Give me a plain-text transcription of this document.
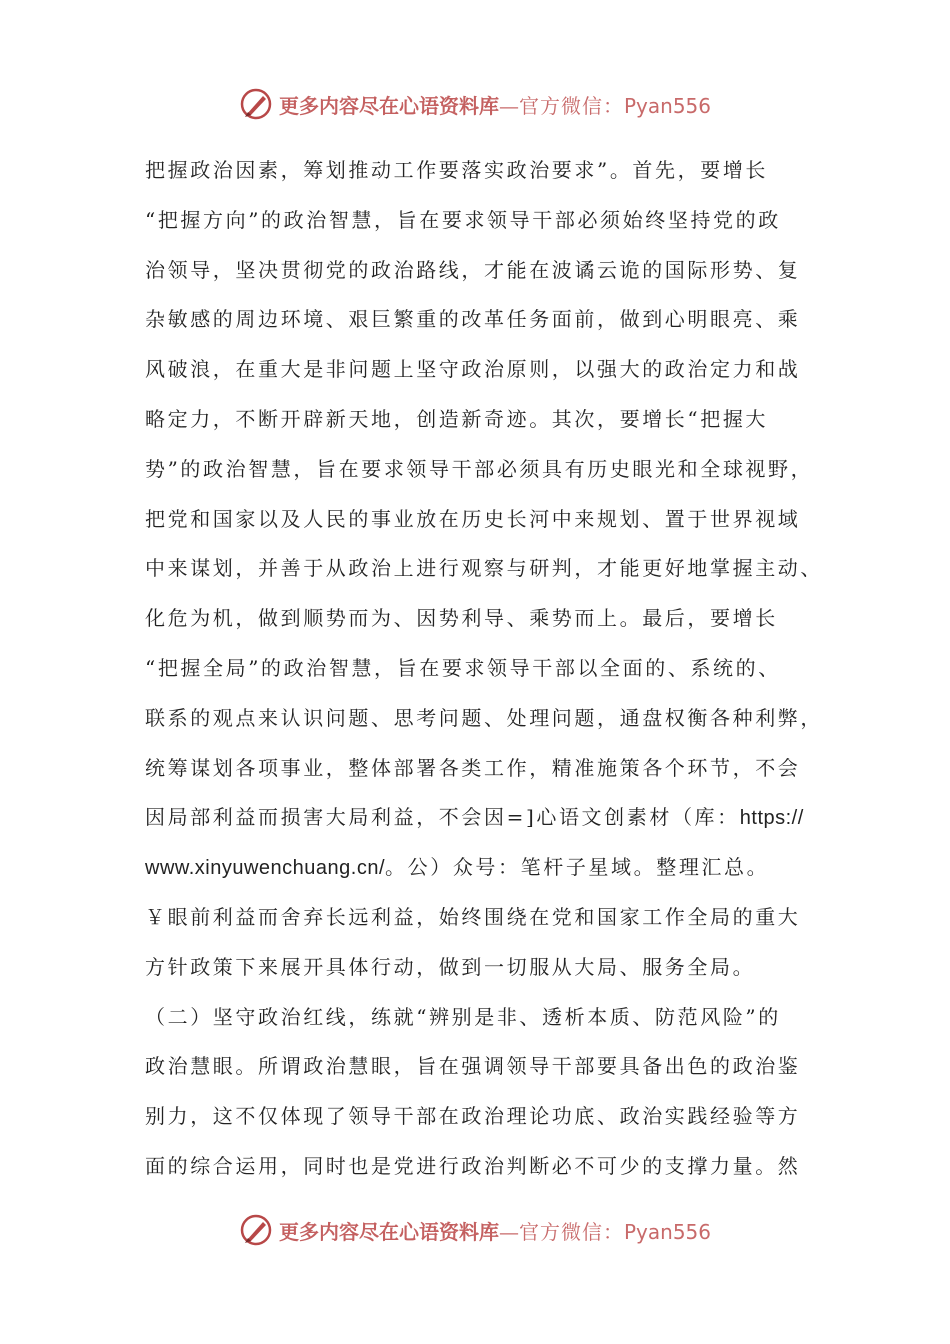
更多内容尽在心语资料库—官方微信：Pyan556
把握政治因素，筹划推动工作要落实政治要求”。首先，要增长
“把握方向”的政治智慧，旨在要求领导干部必须始终坚持党的政
治领导，坚决贯彻党的政治路线，才能在波谲云诡的国际形势、复
杂敏感的周边环境、艰巨繁重的改革任务面前，做到心明眼亮、乘
风破浪，在重大是非问题上坚守政治原则，以强大的政治定力和战
略定力，不断开辟新天地，创造新奇迹。其次，要增长“把握大
势”的政治智慧，旨在要求领导干部必须具有历史眼光和全球视野，
把党和国家以及人民的事业放在历史长河中来规划、置于世界视域
中来谋划，并善于从政治上进行观察与研判，才能更好地掌握主动、
化危为机，做到顺势而为、因势利导、乘势而上。最后，要增长
“把握全局”的政治智慧，旨在要求领导干部以全面的、系统的、
联系的观点来认识问题、思考问题、处理问题，通盘权衡各种利弊，
统筹谋划各项事业，整体部署各类工作，精准施策各个环节，不会
因局部利益而损害大局利益，不会因=]心语文创素材（库：https://
www.xinyuwenchuang.cn/。公）众号：笔杆子星域。整理汇总。
￥眼前利益而舍弃长远利益，始终围绕在党和国家工作全局的重大
方针政策下来展开具体行动，做到一切服从大局、服务全局。
（二）坚守政治红线，练就“辨别是非、透析本质、防范风险”的
政治慧眼。所谓政治慧眼，旨在强调领导干部要具备出色的政治鉴
别力，这不仅体现了领导干部在政治理论功底、政治实践经验等方
面的综合运用，同时也是党进行政治判断必不可少的支撑力量。然
更多内容尽在心语资料库—官方微信：Pyan556
